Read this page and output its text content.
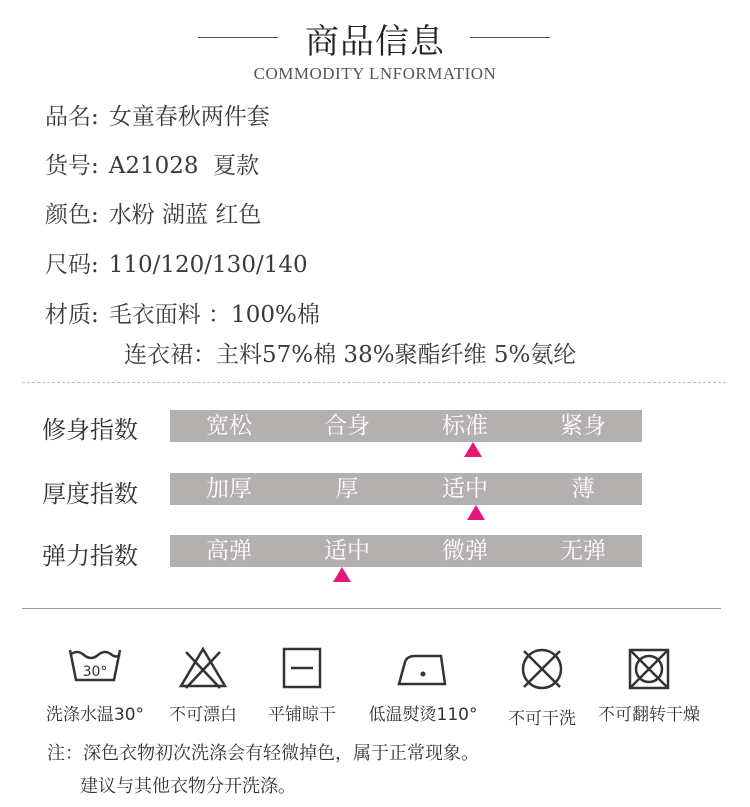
商品信息
COMMODITY LNFORMATION
品名: 女童春秋两件套
货号: A21028  夏款
颜色: 水粉 湖蓝 红色
尺码: 110/120/130/140
材质: 毛衣面料 ：100%棉
连衣裙：主料57%棉 38%聚酯纤维 5%氨纶
修身指数	宽松	合身	标准	紧身
厚度指数	加厚	厚	适中	薄
弹力指数	高弹	适中	微弹	无弹
30°
洗涤水温30°	不可漂白	平铺晾干	低温熨烫110°	不可干洗	不可翻转干燥
注：深色衣物初次洗涤会有轻微掉色，属于正常现象。
建议与其他衣物分开洗涤。
